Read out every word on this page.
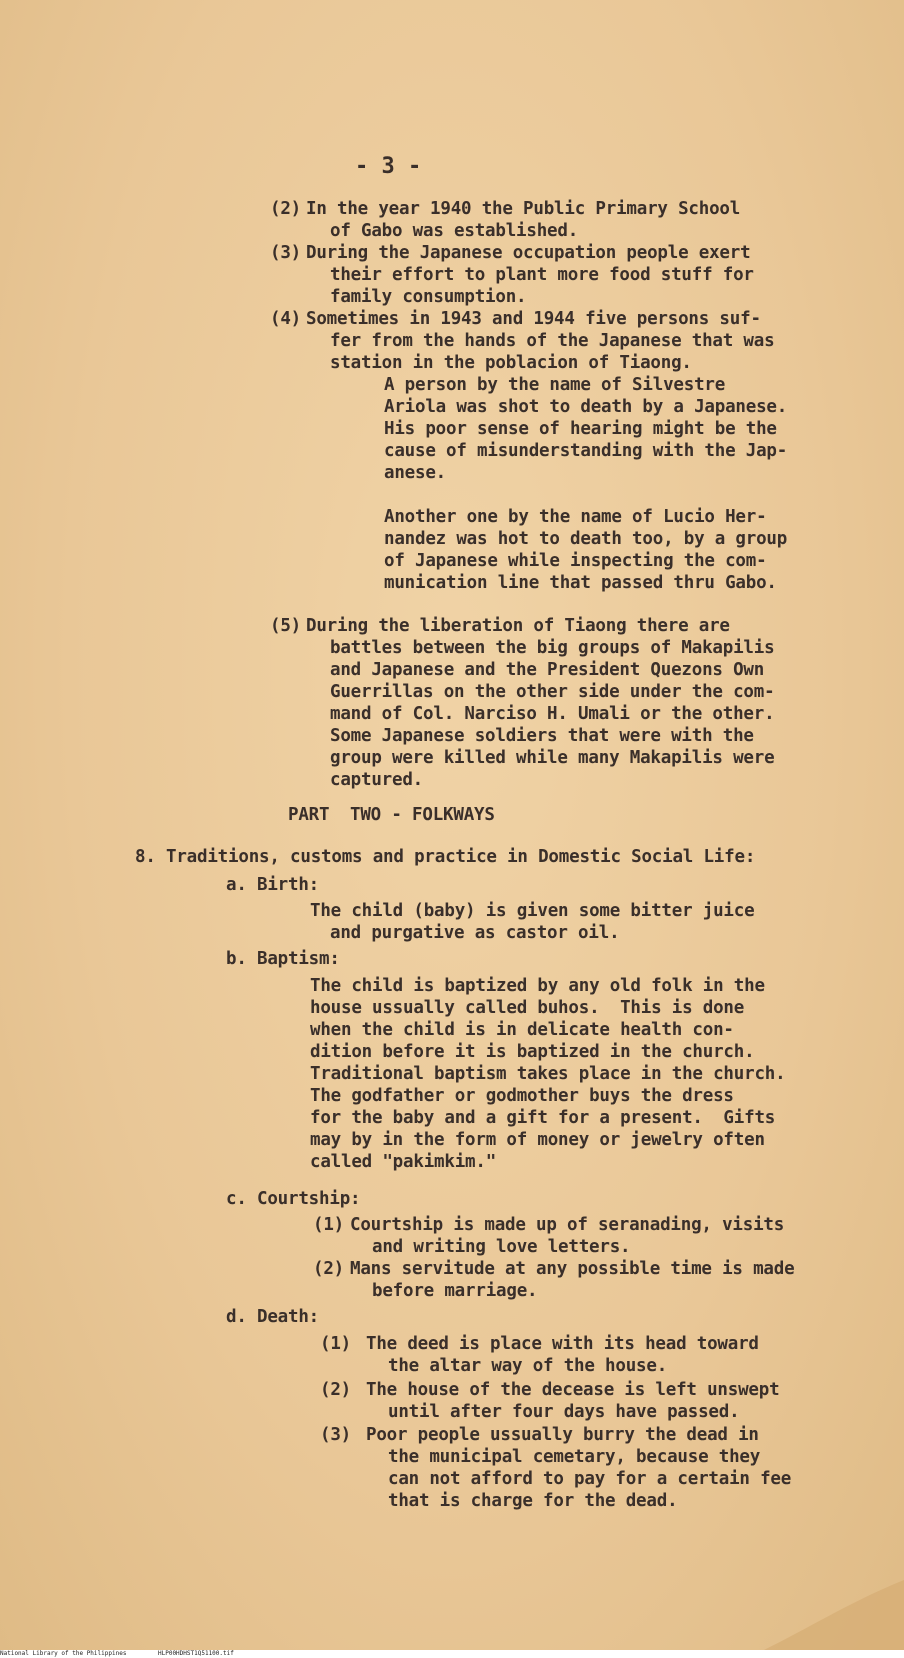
- 3 -
(2) In the year 1940 the Public Primary School
of Gabo was established.
(3) During the Japanese occupation people exert
their effort to plant more food stuff for
family consumption.
(4) Sometimes in 1943 and 1944 five persons suf-
fer from the hands of the Japanese that was
station in the poblacion of Tiaong.
A person by the name of Silvestre
Ariola was shot to death by a Japanese.
His poor sense of hearing might be the
cause of misunderstanding with the Jap-
anese.
Another one by the name of Lucio Her-
nandez was hot to death too, by a group
of Japanese while inspecting the com-
munication line that passed thru Gabo.
(5) During the liberation of Tiaong there are
battles between the big groups of Makapilis
and Japanese and the President Quezons Own
Guerrillas on the other side under the com-
mand of Col. Narciso H. Umali or the other.
Some Japanese soldiers that were with the
group were killed while many Makapilis were
captured.
PART  TWO - FOLKWAYS
8. Traditions, customs and practice in Domestic Social Life:
a. Birth:
The child (baby) is given some bitter juice
and purgative as castor oil.
b. Baptism:
The child is baptized by any old folk in the
house ussually called buhos.  This is done
when the child is in delicate health con-
dition before it is baptized in the church.
Traditional baptism takes place in the church.
The godfather or godmother buys the dress
for the baby and a gift for a present.  Gifts
may by in the form of money or jewelry often
called "pakimkim."
c. Courtship:
(1) Courtship is made up of seranading, visits
and writing love letters.
(2) Mans servitude at any possible time is made
before marriage.
d. Death:
(1) The deed is place with its head toward
the altar way of the house.
(2) The house of the decease is left unswept
until after four days have passed.
(3) Poor people ussually burry the dead in
the municipal cemetary, because they
can not afford to pay for a certain fee
that is charge for the dead.
National Library of the Philippines	HLP00HDHST1Q51100.tif
